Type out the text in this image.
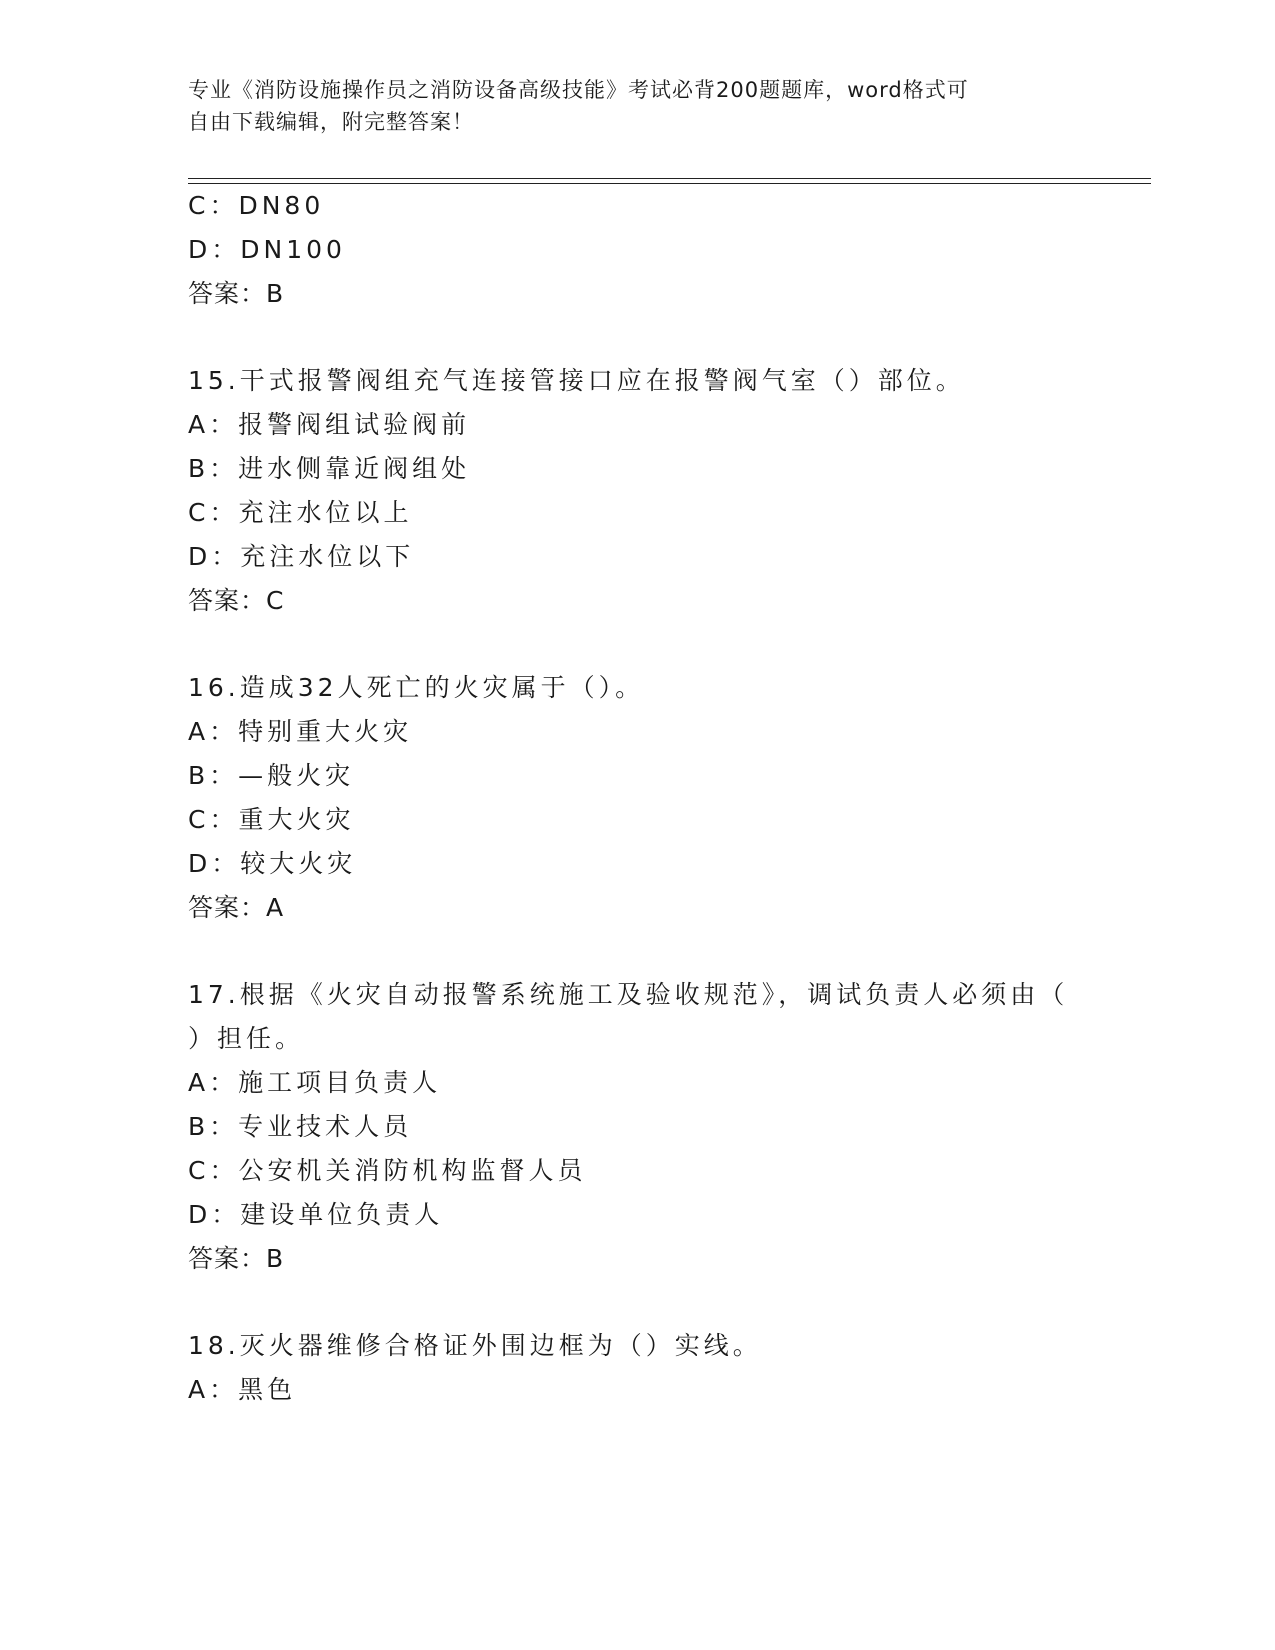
专业《消防设施操作员之消防设备高级技能》考试必背200题题库，word格式可
自由下载编辑，附完整答案！
C：DN80
D：DN100
答案：B
15.干式报警阀组充气连接管接口应在报警阀气室（）部位。
A：报警阀组试验阀前
B：进水侧靠近阀组处
C：充注水位以上
D：充注水位以下
答案：C
16.造成32人死亡的火灾属于（）。
A：特别重大火灾
B：—般火灾
C：重大火灾
D：较大火灾
答案：A
17.根据《火灾自动报警系统施工及验收规范》，调试负责人必须由（
）担任。
A：施工项目负责人
B：专业技术人员
C：公安机关消防机构监督人员
D：建设单位负责人
答案：B
18.灭火器维修合格证外围边框为（）实线。
A：黑色
